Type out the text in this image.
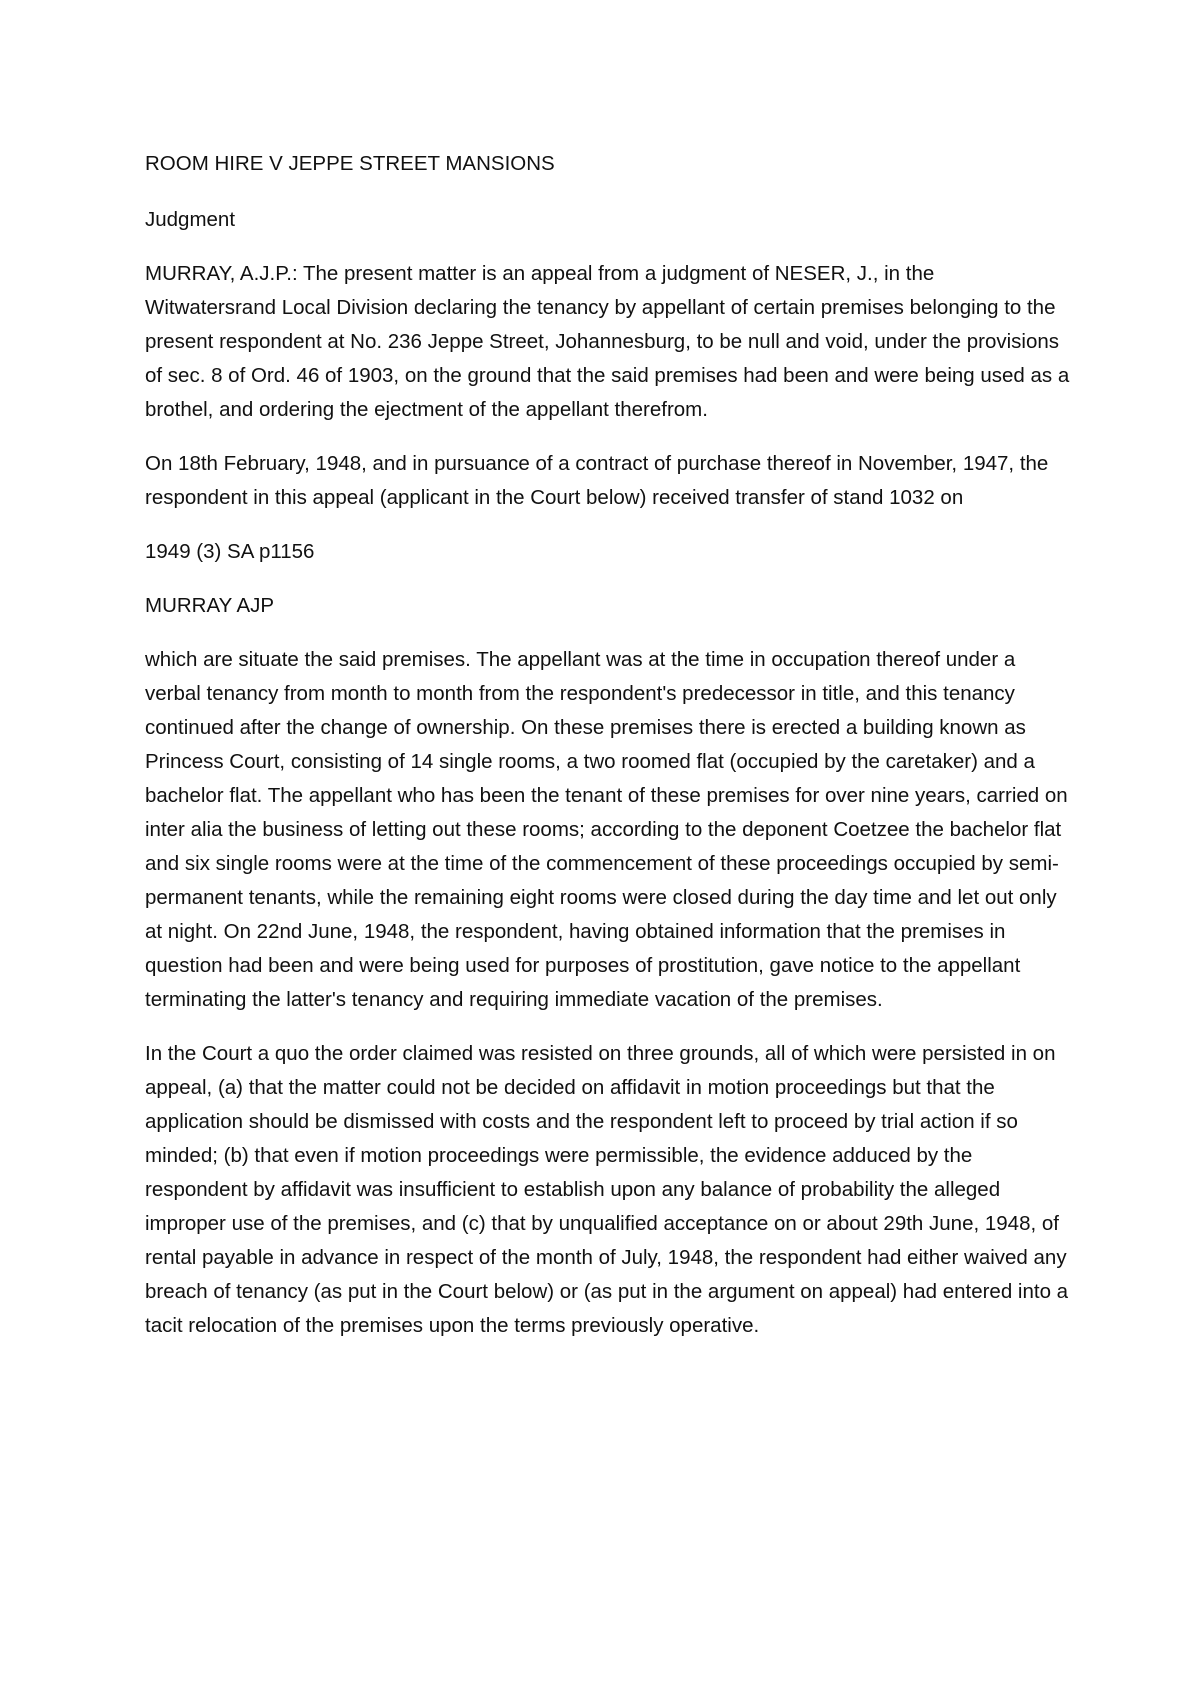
ROOM HIRE V JEPPE STREET MANSIONS

Judgment

MURRAY, A.J.P.: The present matter is an appeal from a judgment of NESER, J., in the Witwatersrand Local Division declaring the tenancy by appellant of certain premises belonging to the present respondent at No. 236 Jeppe Street, Johannesburg, to be null and void, under the provisions of sec. 8 of Ord. 46 of 1903, on the ground that the said premises had been and were being used as a brothel, and ordering the ejectment of the appellant therefrom.

On 18th February, 1948, and in pursuance of a contract of purchase thereof in November, 1947, the respondent in this appeal (applicant in the Court below) received transfer of stand 1032 on

1949 (3) SA p1156

MURRAY AJP

which are situate the said premises. The appellant was at the time in occupation thereof under a verbal tenancy from month to month from the respondent's predecessor in title, and this tenancy continued after the change of ownership. On these premises there is erected a building known as Princess Court, consisting of 14 single rooms, a two roomed flat (occupied by the caretaker) and a bachelor flat. The appellant who has been the tenant of these premises for over nine years, carried on inter alia the business of letting out these rooms; according to the deponent Coetzee the bachelor flat and six single rooms were at the time of the commencement of these proceedings occupied by semi-permanent tenants, while the remaining eight rooms were closed during the day time and let out only at night. On 22nd June, 1948, the respondent, having obtained information that the premises in question had been and were being used for purposes of prostitution, gave notice to the appellant terminating the latter's tenancy and requiring immediate vacation of the premises.

In the Court a quo the order claimed was resisted on three grounds, all of which were persisted in on appeal, (a) that the matter could not be decided on affidavit in motion proceedings but that the application should be dismissed with costs and the respondent left to proceed by trial action if so minded; (b) that even if motion proceedings were permissible, the evidence adduced by the respondent by affidavit was insufficient to establish upon any balance of probability the alleged improper use of the premises, and (c) that by unqualified acceptance on or about 29th June, 1948, of rental payable in advance in respect of the month of July, 1948, the respondent had either waived any breach of tenancy (as put in the Court below) or (as put in the argument on appeal) had entered into a tacit relocation of the premises upon the terms previously operative.
